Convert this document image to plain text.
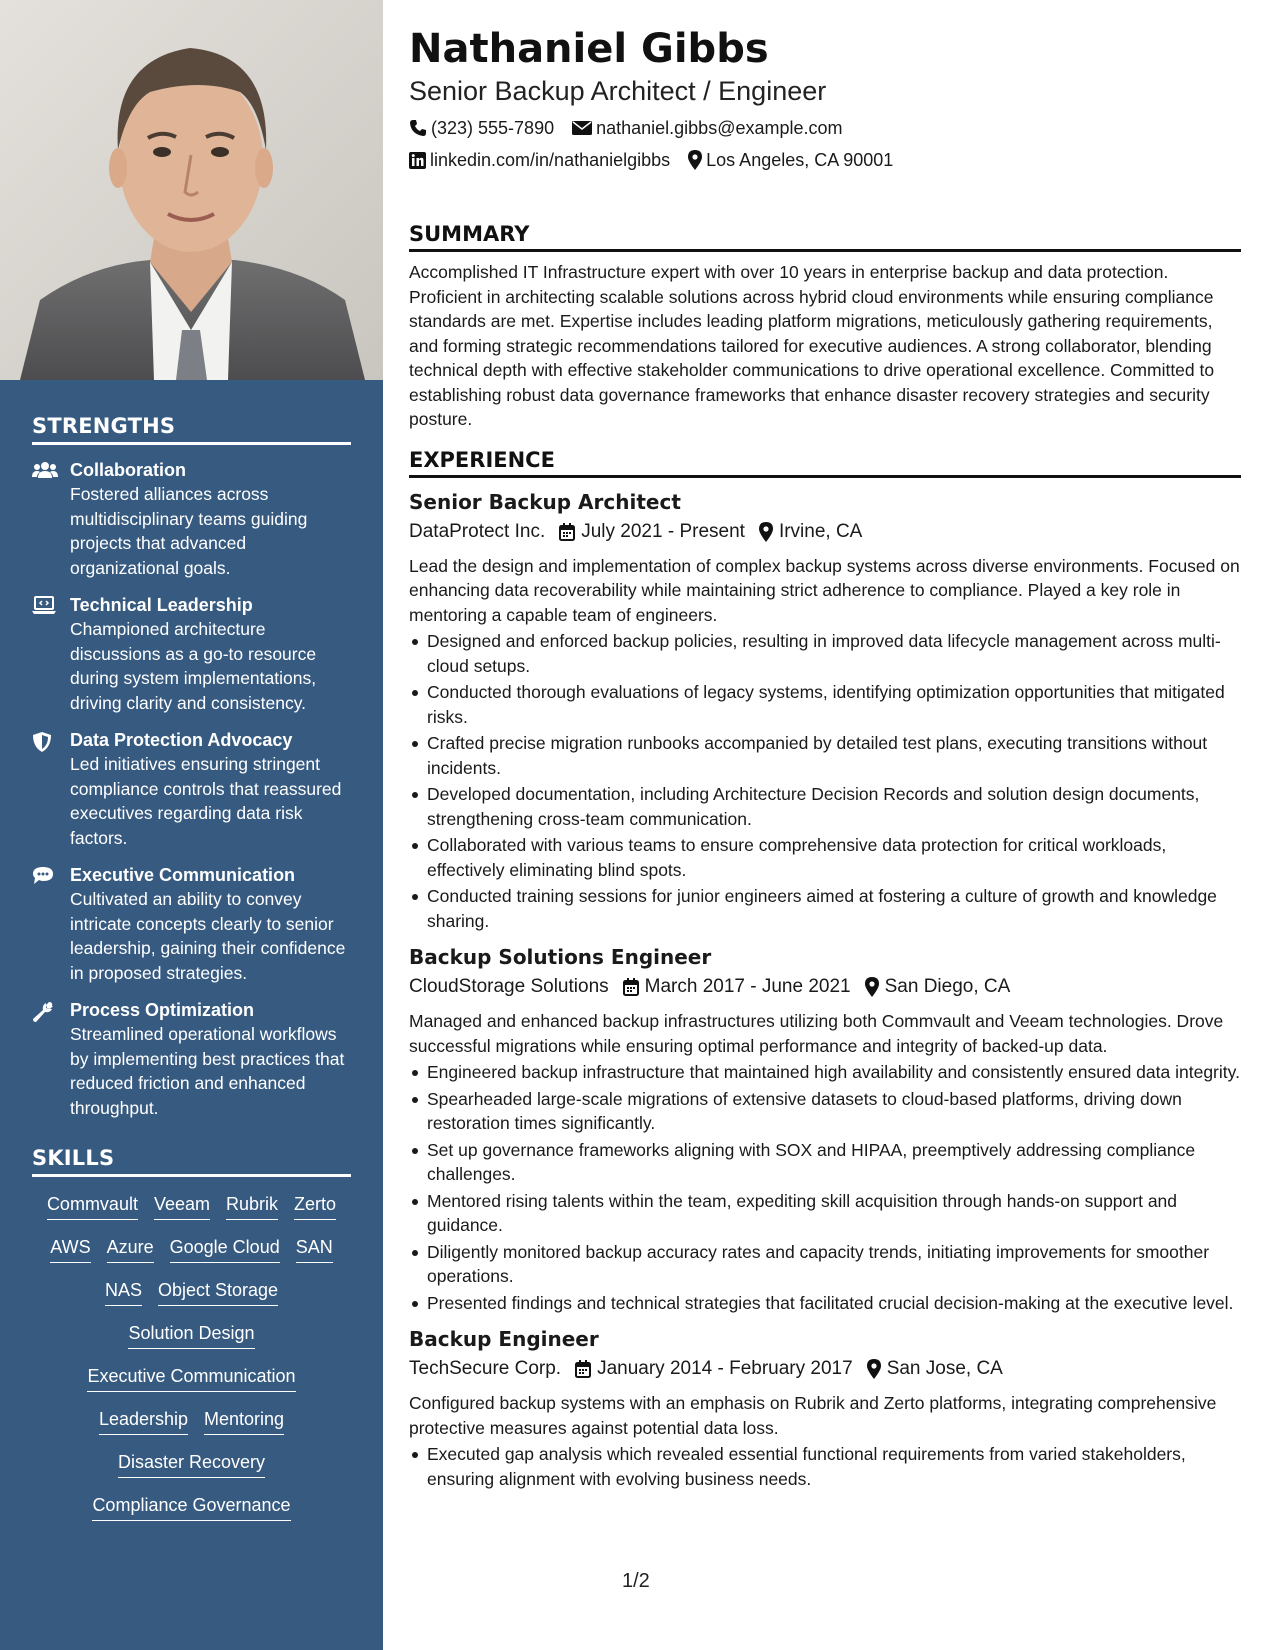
STRENGTHS
Collaboration
Fostered alliances across multidisciplinary teams guiding projects that advanced organizational goals.
Technical Leadership
Championed architecture discussions as a go-to resource during system implementations, driving clarity and consistency.
Data Protection Advocacy
Led initiatives ensuring stringent compliance controls that reassured executives regarding data risk factors.
Executive Communication
Cultivated an ability to convey intricate concepts clearly to senior leadership, gaining their confidence in proposed strategies.
Process Optimization
Streamlined operational workflows by implementing best practices that reduced friction and enhanced throughput.
SKILLS
Commvault Veeam Rubrik Zerto
AWS Azure Google Cloud SAN
NAS Object Storage
Solution Design
Executive Communication
Leadership Mentoring
Disaster Recovery
Compliance Governance
Nathaniel Gibbs
Senior Backup Architect / Engineer
(323) 555-7890 nathaniel.gibbs@example.com
linkedin.com/in/nathanielgibbs Los Angeles, CA 90001
SUMMARY
Accomplished IT Infrastructure expert with over 10 years in enterprise backup and data protection. Proficient in architecting scalable solutions across hybrid cloud environments while ensuring compliance standards are met. Expertise includes leading platform migrations, meticulously gathering requirements, and forming strategic recommendations tailored for executive audiences. A strong collaborator, blending technical depth with effective stakeholder communications to drive operational excellence. Committed to establishing robust data governance frameworks that enhance disaster recovery strategies and security posture.
EXPERIENCE
Senior Backup Architect
DataProtect Inc. July 2021 - Present Irvine, CA
Lead the design and implementation of complex backup systems across diverse environments. Focused on enhancing data recoverability while maintaining strict adherence to compliance. Played a key role in mentoring a capable team of engineers.
Designed and enforced backup policies, resulting in improved data lifecycle management across multi-cloud setups.
Conducted thorough evaluations of legacy systems, identifying optimization opportunities that mitigated risks.
Crafted precise migration runbooks accompanied by detailed test plans, executing transitions without incidents.
Developed documentation, including Architecture Decision Records and solution design documents, strengthening cross-team communication.
Collaborated with various teams to ensure comprehensive data protection for critical workloads, effectively eliminating blind spots.
Conducted training sessions for junior engineers aimed at fostering a culture of growth and knowledge sharing.
Backup Solutions Engineer
CloudStorage Solutions March 2017 - June 2021 San Diego, CA
Managed and enhanced backup infrastructures utilizing both Commvault and Veeam technologies. Drove successful migrations while ensuring optimal performance and integrity of backed-up data.
Engineered backup infrastructure that maintained high availability and consistently ensured data integrity.
Spearheaded large-scale migrations of extensive datasets to cloud-based platforms, driving down restoration times significantly.
Set up governance frameworks aligning with SOX and HIPAA, preemptively addressing compliance challenges.
Mentored rising talents within the team, expediting skill acquisition through hands-on support and guidance.
Diligently monitored backup accuracy rates and capacity trends, initiating improvements for smoother operations.
Presented findings and technical strategies that facilitated crucial decision-making at the executive level.
Backup Engineer
TechSecure Corp. January 2014 - February 2017 San Jose, CA
Configured backup systems with an emphasis on Rubrik and Zerto platforms, integrating comprehensive protective measures against potential data loss.
Executed gap analysis which revealed essential functional requirements from varied stakeholders, ensuring alignment with evolving business needs.
1/2
